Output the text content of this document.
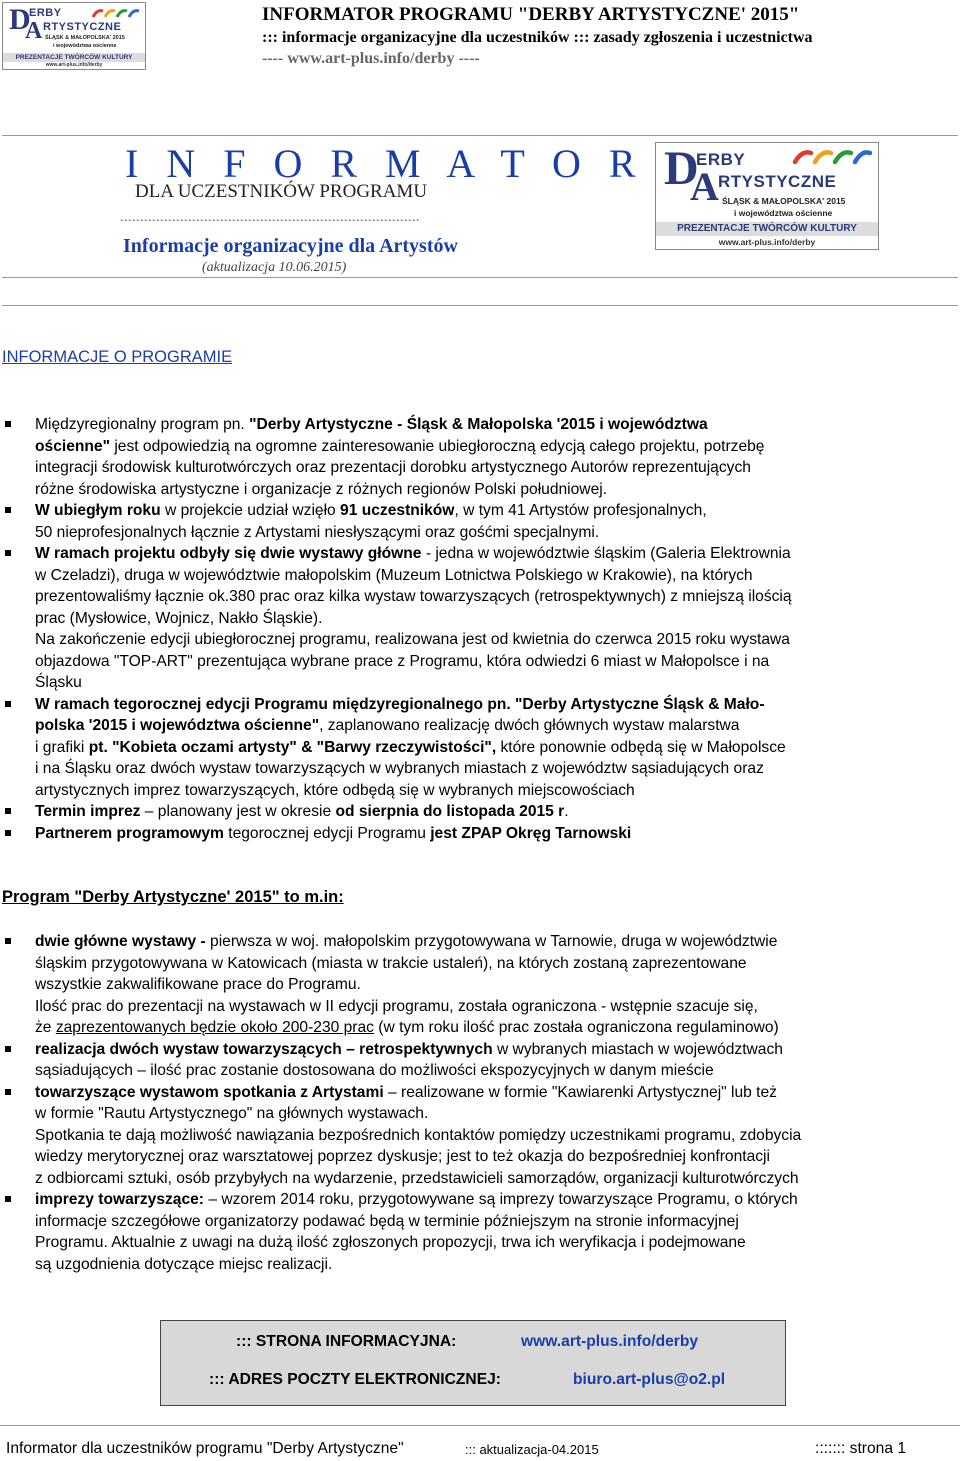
D
ERBY
A RTYSTYCZNE
ŚLĄSK & MAŁOPOLSKA' 2015
i województwa ościenne
PREZENTACJE TWÓRCÓW KULTURY
www.art-plus.info/derby
INFORMATOR PROGRAMU "DERBY ARTYSTYCZNE' 2015"
::: informacje organizacyjne dla uczestników ::: zasady zgłoszenia i uczestnictwa
---- www.art-plus.info/derby ----
I N F O R M A T O R
DLA UCZESTNIKÓW PROGRAMU
...........................................................................
Informacje organizacyjne dla Artystów
(aktualizacja 10.06.2015)
D
ERBY
A RTYSTYCZNE
ŚLĄSK & MAŁOPOLSKA' 2015
i województwa ościenne
PREZENTACJE TWÓRCÓW KULTURY
www.art-plus.info/derby
INFORMACJE O PROGRAMIE
Międzyregionalny program pn. "Derby Artystyczne - Śląsk & Małopolska '2015 i województwa
ościenne" jest odpowiedzią na ogromne zainteresowanie ubiegłoroczną edycją całego projektu, potrzebę
integracji środowisk kulturotwórczych oraz prezentacji dorobku artystycznego Autorów reprezentujących
różne środowiska artystyczne i organizacje z różnych regionów Polski południowej.
W ubiegłym roku w projekcie udział wzięło 91 uczestników, w tym 41 Artystów profesjonalnych,
50 nieprofesjonalnych łącznie z Artystami niesłyszącymi oraz gośćmi specjalnymi.
W ramach projektu odbyły się dwie wystawy główne - jedna w województwie śląskim (Galeria Elektrownia
w Czeladzi), druga w województwie małopolskim (Muzeum Lotnictwa Polskiego w Krakowie), na których
prezentowaliśmy łącznie ok.380 prac oraz kilka wystaw towarzyszących (retrospektywnych) z mniejszą ilością
prac (Mysłowice, Wojnicz, Nakło Śląskie).
Na zakończenie edycji ubiegłorocznej programu, realizowana jest od kwietnia do czerwca 2015 roku wystawa
objazdowa "TOP-ART" prezentująca wybrane prace z Programu, która odwiedzi 6 miast w Małopolsce i na
Śląsku
W ramach tegorocznej edycji Programu międzyregionalnego pn. "Derby Artystyczne Śląsk & Mało-
polska '2015 i województwa ościenne", zaplanowano realizację dwóch głównych wystaw malarstwa
i grafiki pt. "Kobieta oczami artysty" & "Barwy rzeczywistości", które ponownie odbędą się w Małopolsce
i na Śląsku oraz dwóch wystaw towarzyszących w wybranych miastach z województw sąsiadujących oraz
artystycznych imprez towarzyszących, które odbędą się w wybranych miejscowościach
Termin imprez – planowany jest w okresie od sierpnia do listopada 2015 r.
Partnerem programowym tegorocznej edycji Programu jest ZPAP Okręg Tarnowski
Program "Derby Artystyczne' 2015" to m.in:
dwie główne wystawy - pierwsza w woj. małopolskim przygotowywana w Tarnowie, druga w województwie
śląskim przygotowywana w Katowicach (miasta w trakcie ustaleń), na których zostaną zaprezentowane
wszystkie zakwalifikowane prace do Programu.
Ilość prac do prezentacji na wystawach w II edycji programu, została ograniczona - wstępnie szacuje się,
że zaprezentowanych będzie około 200-230 prac (w tym roku ilość prac została ograniczona regulaminowo)
realizacja dwóch wystaw towarzyszących – retrospektywnych w wybranych miastach w województwach
sąsiadujących – ilość prac zostanie dostosowana do możliwości ekspozycyjnych w danym mieście
towarzyszące wystawom spotkania z Artystami – realizowane w formie "Kawiarenki Artystycznej" lub też
w formie "Rautu Artystycznego" na głównych wystawach.
Spotkania te dają możliwość nawiązania bezpośrednich kontaktów pomiędzy uczestnikami programu, zdobycia
wiedzy merytorycznej oraz warsztatowej poprzez dyskusje; jest to też okazja do bezpośredniej konfrontacji
z odbiorcami sztuki, osób przybyłych na wydarzenie, przedstawicieli samorządów, organizacji kulturotwórczych
imprezy towarzyszące: – wzorem 2014 roku, przygotowywane są imprezy towarzyszące Programu, o których
informacje szczegółowe organizatorzy podawać będą w terminie późniejszym na stronie informacyjnej
Programu. Aktualnie z uwagi na dużą ilość zgłoszonych propozycji, trwa ich weryfikacja i podejmowane
są uzgodnienia dotyczące miejsc realizacji.
::: STRONA INFORMACYJNA:	www.art-plus.info/derby
::: ADRES POCZTY ELEKTRONICZNEJ:	biuro.art-plus@o2.pl
Informator dla uczestników programu "Derby Artystyczne"	::: aktualizacja-04.2015	::::::: strona 1
